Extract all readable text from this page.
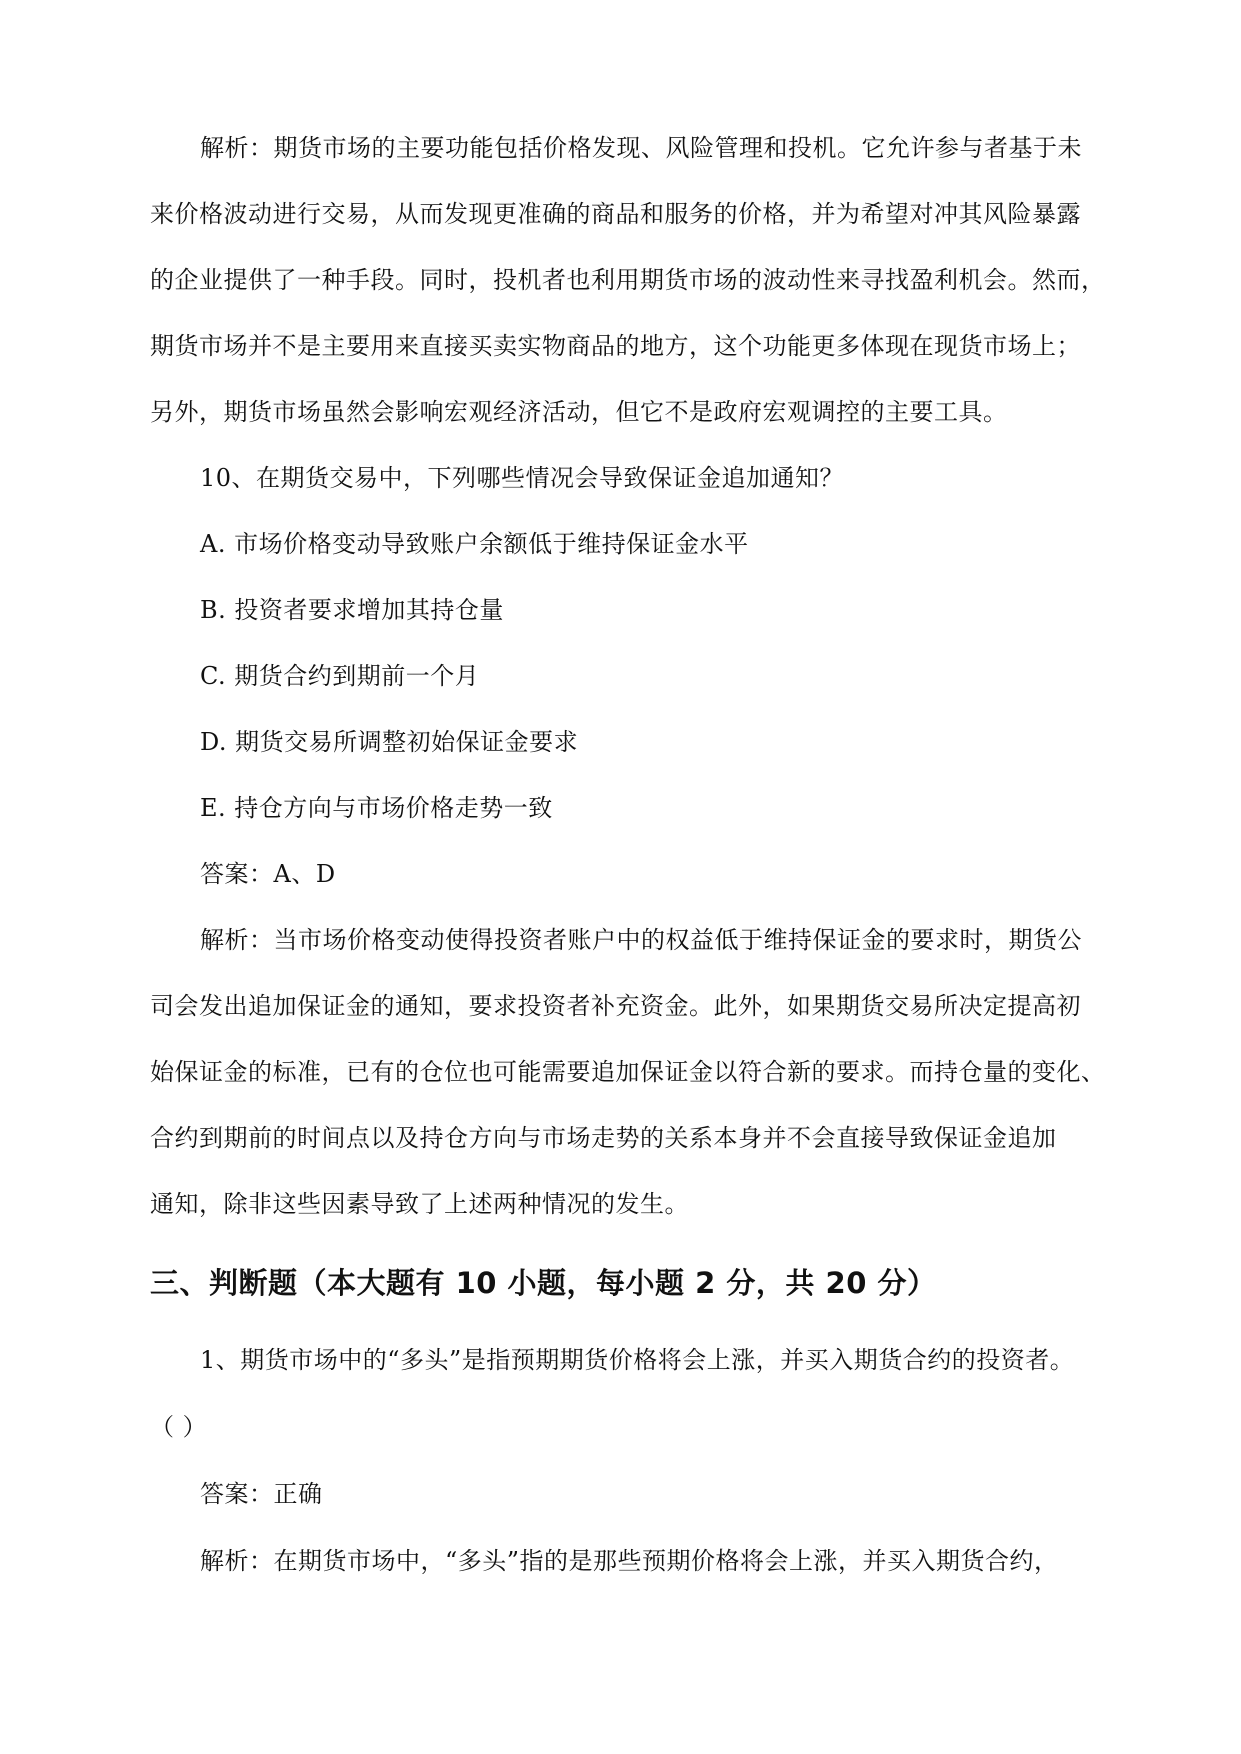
解析：期货市场的主要功能包括价格发现、风险管理和投机。它允许参与者基于未
来价格波动进行交易，从而发现更准确的商品和服务的价格，并为希望对冲其风险暴露
的企业提供了一种手段。同时，投机者也利用期货市场的波动性来寻找盈利机会。然而，
期货市场并不是主要用来直接买卖实物商品的地方，这个功能更多体现在现货市场上；
另外，期货市场虽然会影响宏观经济活动，但它不是政府宏观调控的主要工具。
10、在期货交易中，下列哪些情况会导致保证金追加通知？
A. 市场价格变动导致账户余额低于维持保证金水平
B. 投资者要求增加其持仓量
C. 期货合约到期前一个月
D. 期货交易所调整初始保证金要求
E. 持仓方向与市场价格走势一致
答案：A、D
解析：当市场价格变动使得投资者账户中的权益低于维持保证金的要求时，期货公
司会发出追加保证金的通知，要求投资者补充资金。此外，如果期货交易所决定提高初
始保证金的标准，已有的仓位也可能需要追加保证金以符合新的要求。而持仓量的变化、
合约到期前的时间点以及持仓方向与市场走势的关系本身并不会直接导致保证金追加
通知，除非这些因素导致了上述两种情况的发生。
三、判断题（本大题有 10 小题，每小题 2 分，共 20 分）
1、期货市场中的“多头”是指预期期货价格将会上涨，并买入期货合约的投资者。
（ ）
答案：正确
解析：在期货市场中，“多头”指的是那些预期价格将会上涨，并买入期货合约，
